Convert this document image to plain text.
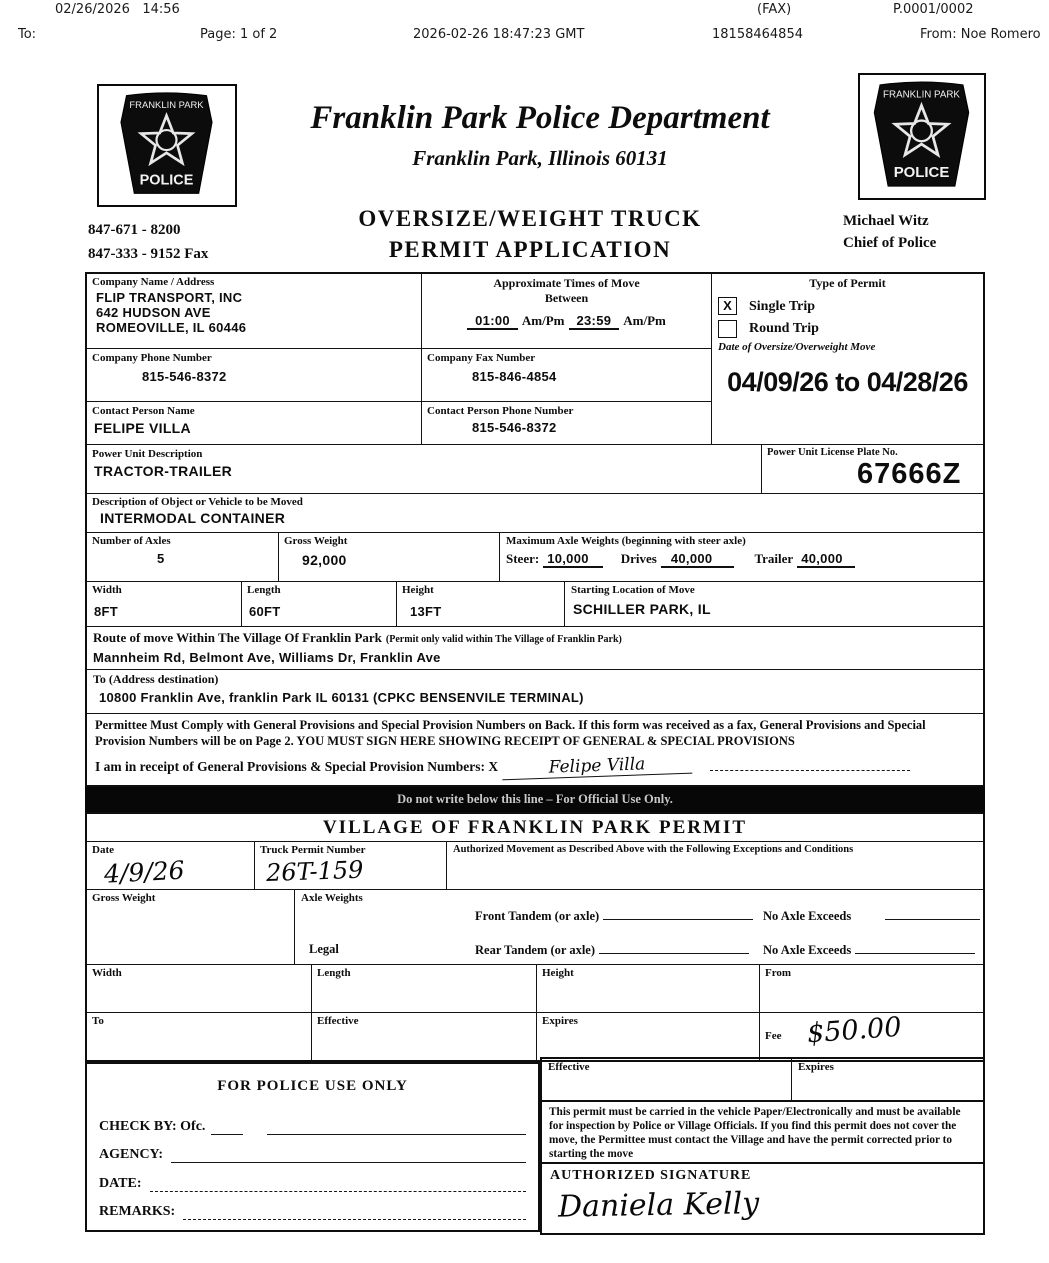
02/26/2026   14:56	(FAX)	P.0001/0002
To:	Page: 1 of 2	2026-02-26 18:47:23 GMT	18158464854	From: Noe Romero
FRANKLIN PARK
POLICE
FRANKLIN PARK
POLICE
Franklin Park Police Department
Franklin Park, Illinois 60131
OVERSIZE/WEIGHT TRUCK
PERMIT APPLICATION
847-671 - 8200
847-333 - 9152 Fax
Michael Witz
Chief of Police
Company Name / Address
FLIP TRANSPORT, INC
642 HUDSON AVE
ROMEOVILLE, IL 60446
Approximate Times of Move
Between
01:00 Am/Pm 23:59 Am/Pm
Type of Permit
X Single Trip
Round Trip
Date of Oversize/Overweight Move
04/09/26 to 04/28/26
Company Phone Number
815-546-8372
Company Fax Number
815-846-4854
Contact Person Name
FELIPE VILLA
Contact Person Phone Number
815-546-8372
Power Unit Description
TRACTOR-TRAILER
Power Unit License Plate No.
67666Z
Description of Object or Vehicle to be Moved
INTERMODAL CONTAINER
Number of Axles
5
Gross Weight
92,000
Maximum Axle Weights (beginning with steer axle)
Steer: 10,000 Drives 40,000	Trailer 40,000
Width
8FT
Length
60FT
Height
13FT
Starting Location of Move
SCHILLER PARK, IL
Route of move Within The Village Of Franklin Park (Permit only valid within The Village of Franklin Park)
Mannheim Rd, Belmont Ave, Williams Dr, Franklin Ave
To (Address destination)
10800 Franklin Ave, franklin Park IL 60131 (CPKC BENSENVILE TERMINAL)
Permittee Must Comply with General Provisions and Special Provision Numbers on Back. If this form was received as a fax, General Provisions and Special Provision Numbers will be on Page 2. YOU MUST SIGN HERE SHOWING RECEIPT OF GENERAL & SPECIAL PROVISIONS
I am in receipt of General Provisions & Special Provision Numbers: X	Felipe Villa
Do not write below this line – For Official Use Only.
VILLAGE OF FRANKLIN PARK PERMIT
Date
4/9/26
Truck Permit Number
26T-159
Authorized Movement as Described Above with the Following Exceptions and Conditions
Gross Weight	Axle Weights
Front Tandem (or axle)	No Axle Exceeds
Legal	Rear Tandem (or axle)	No Axle Exceeds
Width	Length	Height	From
To	Effective	Expires
Fee $50.00
FOR POLICE USE ONLY
CHECK BY: Ofc.
AGENCY:
DATE:
REMARKS:
Effective	Expires
This permit must be carried in the vehicle Paper/Electronically and must be available for inspection by Police or Village Officials. If you find this permit does not cover the move, the Permittee must contact the Village and have the permit corrected prior to starting the move
AUTHORIZED SIGNATURE
Daniela Kelly
